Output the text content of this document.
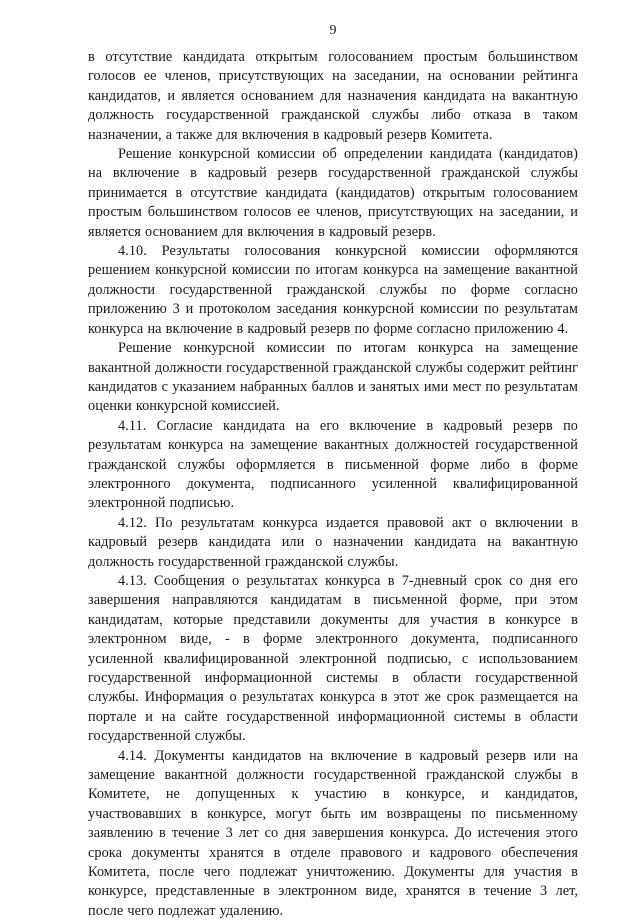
9

в отсутствие кандидата открытым голосованием простым большинством голосов ее членов, присутствующих на заседании, на основании рейтинга кандидатов, и является основанием для назначения кандидата на вакантную должность государственной гражданской службы либо отказа в таком назначении, а также для включения в кадровый резерв Комитета.

Решение конкурсной комиссии об определении кандидата (кандидатов) на включение в кадровый резерв государственной гражданской службы принимается в отсутствие кандидата (кандидатов) открытым голосованием простым большинством голосов ее членов, присутствующих на заседании, и является основанием для включения в кадровый резерв.

4.10. Результаты голосования конкурсной комиссии оформляются решением конкурсной комиссии по итогам конкурса на замещение вакантной должности государственной гражданской службы по форме согласно приложению 3 и протоколом заседания конкурсной комиссии по результатам конкурса на включение в кадровый резерв по форме согласно приложению 4.

Решение конкурсной комиссии по итогам конкурса на замещение вакантной должности государственной гражданской службы содержит рейтинг кандидатов с указанием набранных баллов и занятых ими мест по результатам оценки конкурсной комиссией.

4.11. Согласие кандидата на его включение в кадровый резерв по результатам конкурса на замещение вакантных должностей государственной гражданской службы оформляется в письменной форме либо в форме электронного документа, подписанного усиленной квалифицированной электронной подписью.

4.12. По результатам конкурса издается правовой акт о включении в кадровый резерв кандидата или о назначении кандидата на вакантную должность государственной гражданской службы.

4.13. Сообщения о результатах конкурса в 7-дневный срок со дня его завершения направляются кандидатам в письменной форме, при этом кандидатам, которые представили документы для участия в конкурсе в электронном виде, - в форме электронного документа, подписанного усиленной квалифицированной электронной подписью, с использованием государственной информационной системы в области государственной службы. Информация о результатах конкурса в этот же срок размещается на портале и на сайте государственной информационной системы в области государственной службы.

4.14. Документы кандидатов на включение в кадровый резерв или на замещение вакантной должности государственной гражданской службы в Комитете, не допущенных к участию в конкурсе, и кандидатов, участвовавших в конкурсе, могут быть им возвращены по письменному заявлению в течение 3 лет со дня завершения конкурса. До истечения этого срока документы хранятся в отделе правового и кадрового обеспечения Комитета, после чего подлежат уничтожению. Документы для участия в конкурсе, представленные в электронном виде, хранятся в течение 3 лет, после чего подлежат удалению.
